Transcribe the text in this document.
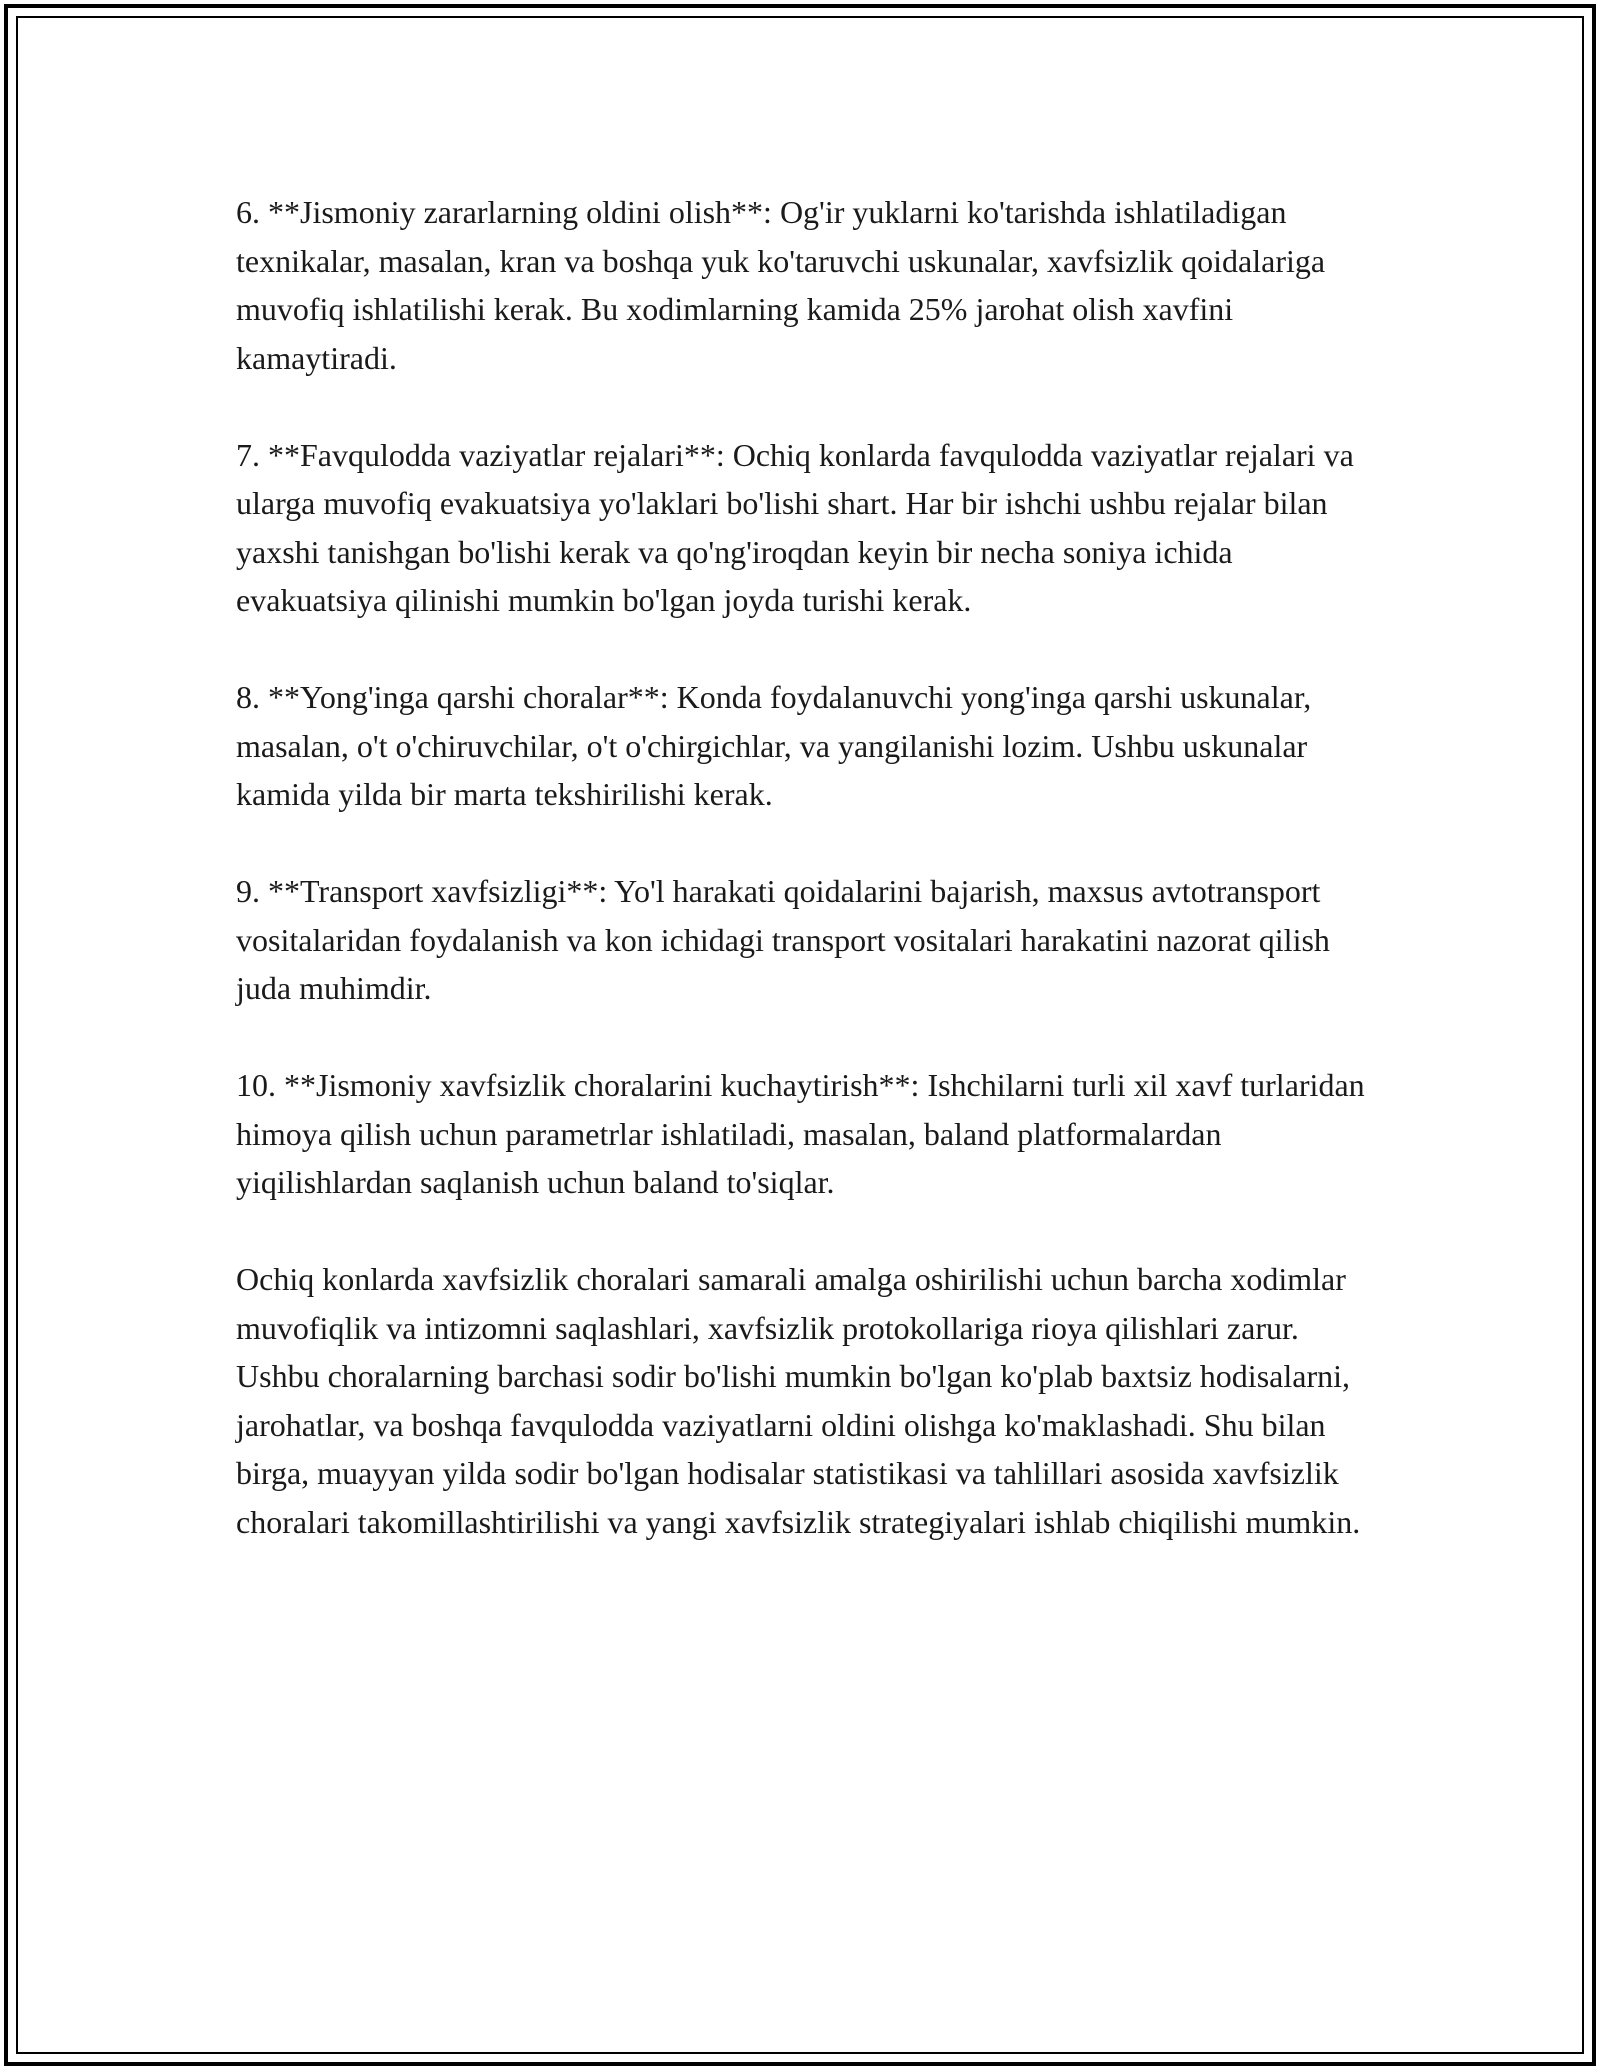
6. **Jismoniy zararlarning oldini olish**: Og'ir yuklarni ko'tarishda ishlatiladigan texnikalar, masalan, kran va boshqa yuk ko'taruvchi uskunalar, xavfsizlik qoidalariga muvofiq ishlatilishi kerak. Bu xodimlarning kamida 25% jarohat olish xavfini kamaytiradi.

7. **Favqulodda vaziyatlar rejalari**: Ochiq konlarda favqulodda vaziyatlar rejalari va ularga muvofiq evakuatsiya yo'laklari bo'lishi shart. Har bir ishchi ushbu rejalar bilan yaxshi tanishgan bo'lishi kerak va qo'ng'iroqdan keyin bir necha soniya ichida evakuatsiya qilinishi mumkin bo'lgan joyda turishi kerak.

8. **Yong'inga qarshi choralar**: Konda foydalanuvchi yong'inga qarshi uskunalar, masalan, o't o'chiruvchilar, o't o'chirgichlar, va yangilanishi lozim. Ushbu uskunalar kamida yilda bir marta tekshirilishi kerak.

9. **Transport xavfsizligi**: Yo'l harakati qoidalarini bajarish, maxsus avtotransport vositalaridan foydalanish va kon ichidagi transport vositalari harakatini nazorat qilish juda muhimdir.

10. **Jismoniy xavfsizlik choralarini kuchaytirish**: Ishchilarni turli xil xavf turlaridan himoya qilish uchun parametrlar ishlatiladi, masalan, baland platformalardan yiqilishlardan saqlanish uchun baland to'siqlar.

Ochiq konlarda xavfsizlik choralari samarali amalga oshirilishi uchun barcha xodimlar muvofiqlik va intizomni saqlashlari, xavfsizlik protokollariga rioya qilishlari zarur. Ushbu choralarning barchasi sodir bo'lishi mumkin bo'lgan ko'plab baxtsiz hodisalarni, jarohatlar, va boshqa favqulodda vaziyatlarni oldini olishga ko'maklashadi. Shu bilan birga, muayyan yilda sodir bo'lgan hodisalar statistikasi va tahlillari asosida xavfsizlik choralari takomillashtirilishi va yangi xavfsizlik strategiyalari ishlab chiqilishi mumkin.
